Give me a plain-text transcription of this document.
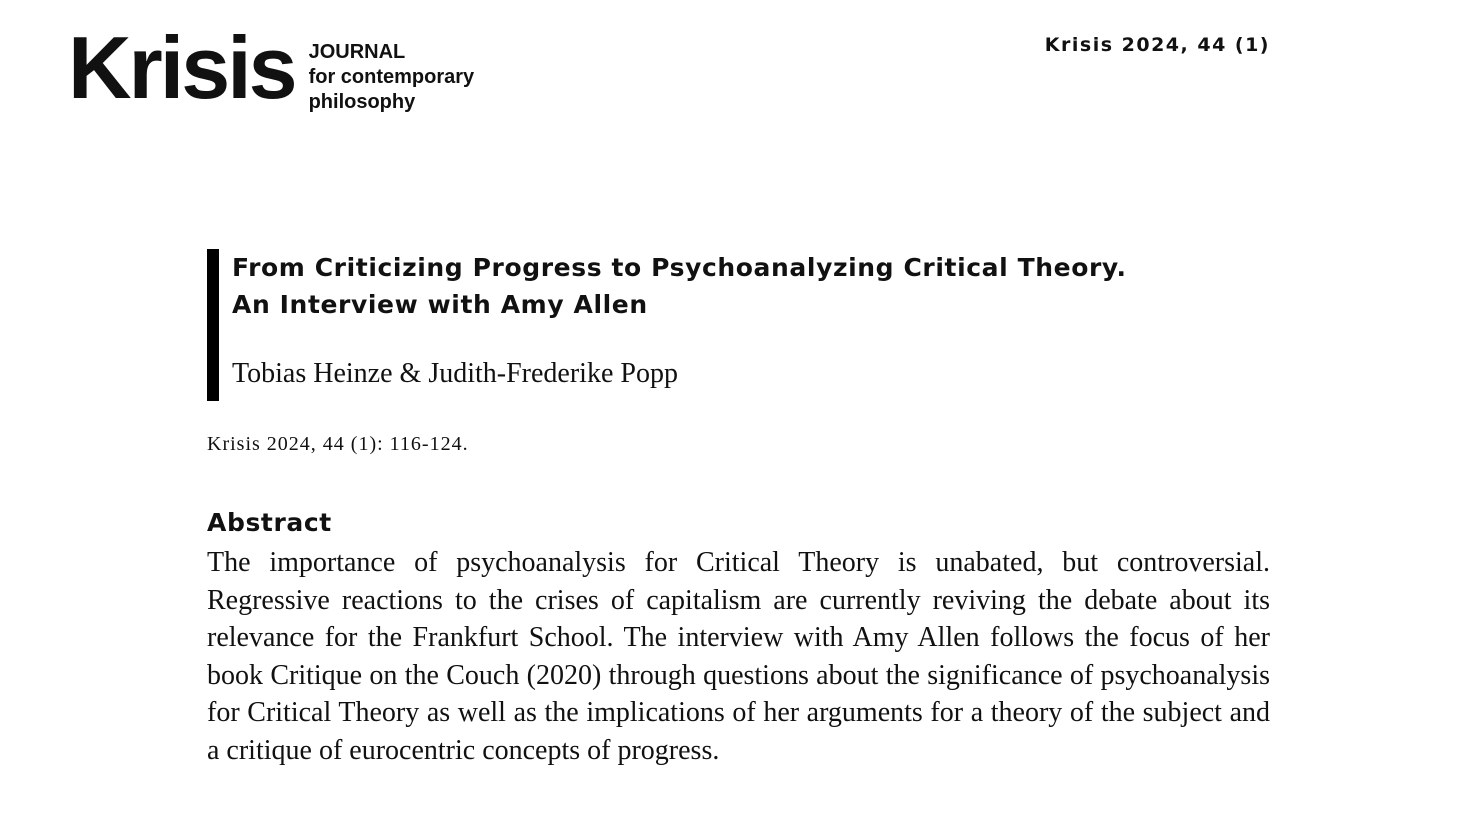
Krisis JOURNAL
for contemporary
philosophy
Krisis 2024, 44 (1)
From Criticizing Progress to Psychoanalyzing Critical Theory.
An Interview with Amy Allen
Tobias Heinze & Judith-Frederike Popp
Krisis 2024, 44 (1): 116-124.
Abstract
The importance of psychoanalysis for Critical Theory is unabated, but controversial. Regressive reactions to the crises of capitalism are currently reviving the debate about its relevance for the Frankfurt School. The interview with Amy Allen follows the focus of her book Critique on the Couch (2020) through questions about the significance of psychoanalysis for Critical Theory as well as the implications of her arguments for a theory of the subject and a critique of eurocentric concepts of progress.
